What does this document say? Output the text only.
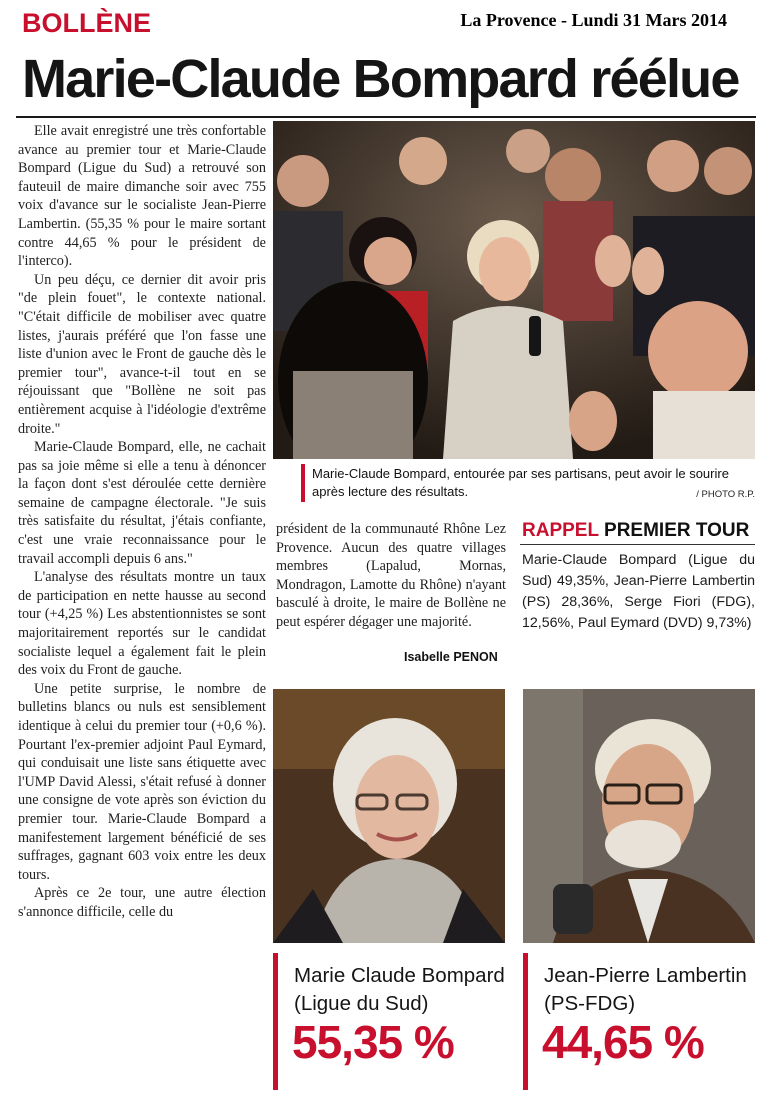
BOLLÈNE	La Provence - Lundi 31 Mars 2014
Marie-Claude Bompard réélue

Elle avait enregistré une très confortable avance au premier tour et Marie-Claude Bompard (Ligue du Sud) a retrouvé son fauteuil de maire dimanche soir avec 755 voix d'avance sur le socialiste Jean-Pierre Lambertin. (55,35 % pour le maire sortant contre 44,65 % pour le président de l'interco).

Un peu déçu, ce dernier dit avoir pris "de plein fouet", le contexte national. "C'était difficile de mobiliser avec quatre listes, j'aurais préféré que l'on fasse une liste d'union avec le Front de gauche dès le premier tour", avance-t-il tout en se réjouissant que "Bollène ne soit pas entièrement acquise à l'idéologie d'extrême droite."

Marie-Claude Bompard, elle, ne cachait pas sa joie même si elle a tenu à dénoncer la façon dont s'est déroulée cette dernière semaine de campagne électorale. "Je suis très satisfaite du résultat, j'étais confiante, c'est une vraie reconnaissance pour le travail accompli depuis 6 ans."

L'analyse des résultats montre un taux de participation en nette hausse au second tour (+4,25 %) Les abstentionnistes se sont majoritairement reportés sur le candidat socialiste lequel a également fait le plein des voix du Front de gauche.

Une petite surprise, le nombre de bulletins blancs ou nuls est sensiblement identique à celui du premier tour (+0,6 %). Pourtant l'ex-premier adjoint Paul Eymard, qui conduisait une liste sans étiquette avec l'UMP David Alessi, s'était refusé à donner une consigne de vote après son éviction du premier tour. Marie-Claude Bompard a manifestement largement bénéficié de ses suffrages, gagnant 603 voix entre les deux tours.

Après ce 2e tour, une autre élection s'annonce difficile, celle du

Marie-Claude Bompard, entourée par ses partisans, peut avoir le sourire après lecture des résultats.	/ PHOTO R.P.

président de la communauté Rhône Lez Provence. Aucun des quatre villages membres (Lapalud, Mornas, Mondragon, Lamotte du Rhône) n'ayant basculé à droite, le maire de Bollène ne peut espérer dégager une majorité.

Isabelle PENON
RAPPEL PREMIER TOUR
Marie-Claude Bompard (Ligue du Sud) 49,35%, Jean-Pierre Lambertin (PS) 28,36%, Serge Fiori (FDG), 12,56%, Paul Eymard (DVD) 9,73%)
Marie Claude Bompard
(Ligue du Sud)
55,35 %
Jean-Pierre Lambertin
(PS-FDG)
44,65 %
